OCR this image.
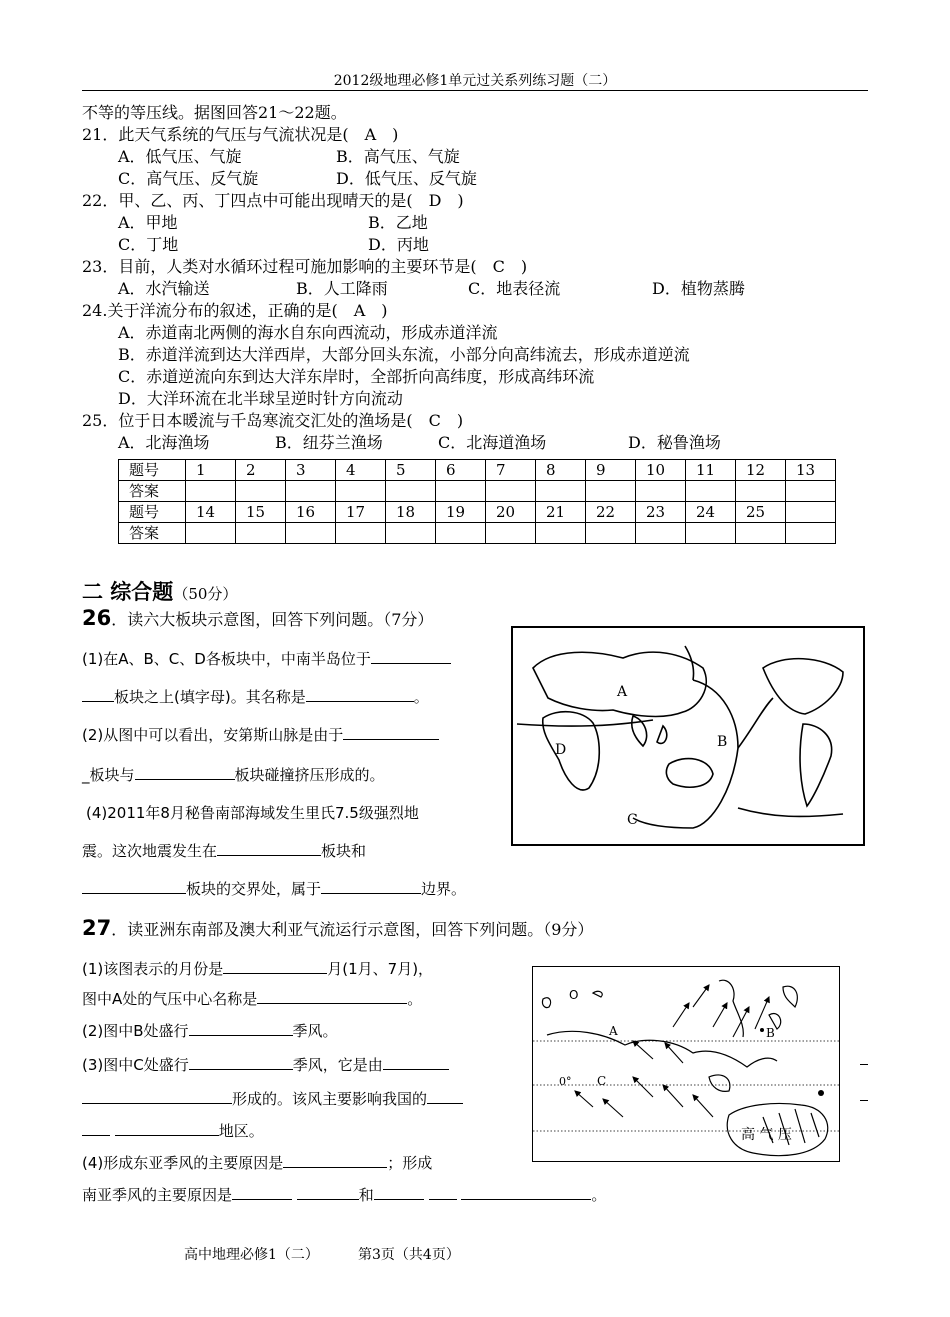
2012级地理必修1单元过关系列练习题（二）
不等的等压线。据图回答21～22题。
21．此天气系统的气压与气流状况是(　A　)
A．低气压、气旋	B．高气压、气旋
C．高气压、反气旋	D．低气压、反气旋
22．甲、乙、丙、丁四点中可能出现晴天的是(　D　)
A．甲地	B．乙地
C．丁地	D．丙地
23．目前，人类对水循环过程可施加影响的主要环节是(　C　)
A．水汽输送	B．人工降雨	C．地表径流	D．植物蒸腾
24.关于洋流分布的叙述，正确的是(　A　)
A．赤道南北两侧的海水自东向西流动，形成赤道洋流
B．赤道洋流到达大洋西岸，大部分回头东流，小部分向高纬流去，形成赤道逆流
C．赤道逆流向东到达大洋东岸时，全部折向高纬度，形成高纬环流
D．大洋环流在北半球呈逆时针方向流动
25．位于日本暖流与千岛寒流交汇处的渔场是(　C　)
A．北海渔场	B．纽芬兰渔场	C．北海道渔场	D．秘鲁渔场
题号	1	2	3	4	5	6	7	8	9	10	11	12	13
答案													
题号	14	15	16	17	18	19	20	21	22	23	24	25	
答案													
二 综合题（50分）
26．读六大板块示意图，回答下列问题。（7分）
(1)在A、B、C、D各板块中，中南半岛位于
板块之上(填字母)。其名称是	。
(2)从图中可以看出，安第斯山脉是由于
_板块与	板块碰撞挤压形成的。
(4)2011年8月秘鲁南部海域发生里氏7.5级强烈地
震。这次地震发生在	板块和
板块的交界处，属于	边界。
A
B
C
D
27．读亚洲东南部及澳大利亚气流运行示意图，回答下列问题。（9分）
(1)该图表示的月份是	月(1月、7月)，
图中A处的气压中心名称是	。
(2)图中B处盛行	季风。
(3)图中C处盛行	季风，它是由
形成的。该风主要影响我国的
地区。
(4)形成东亚季风的主要原因是	；形成
南亚季风的主要原因是	和	。
O
A	B
C
0°
高 气 压
高中地理必修1（二）	第3页（共4页）
